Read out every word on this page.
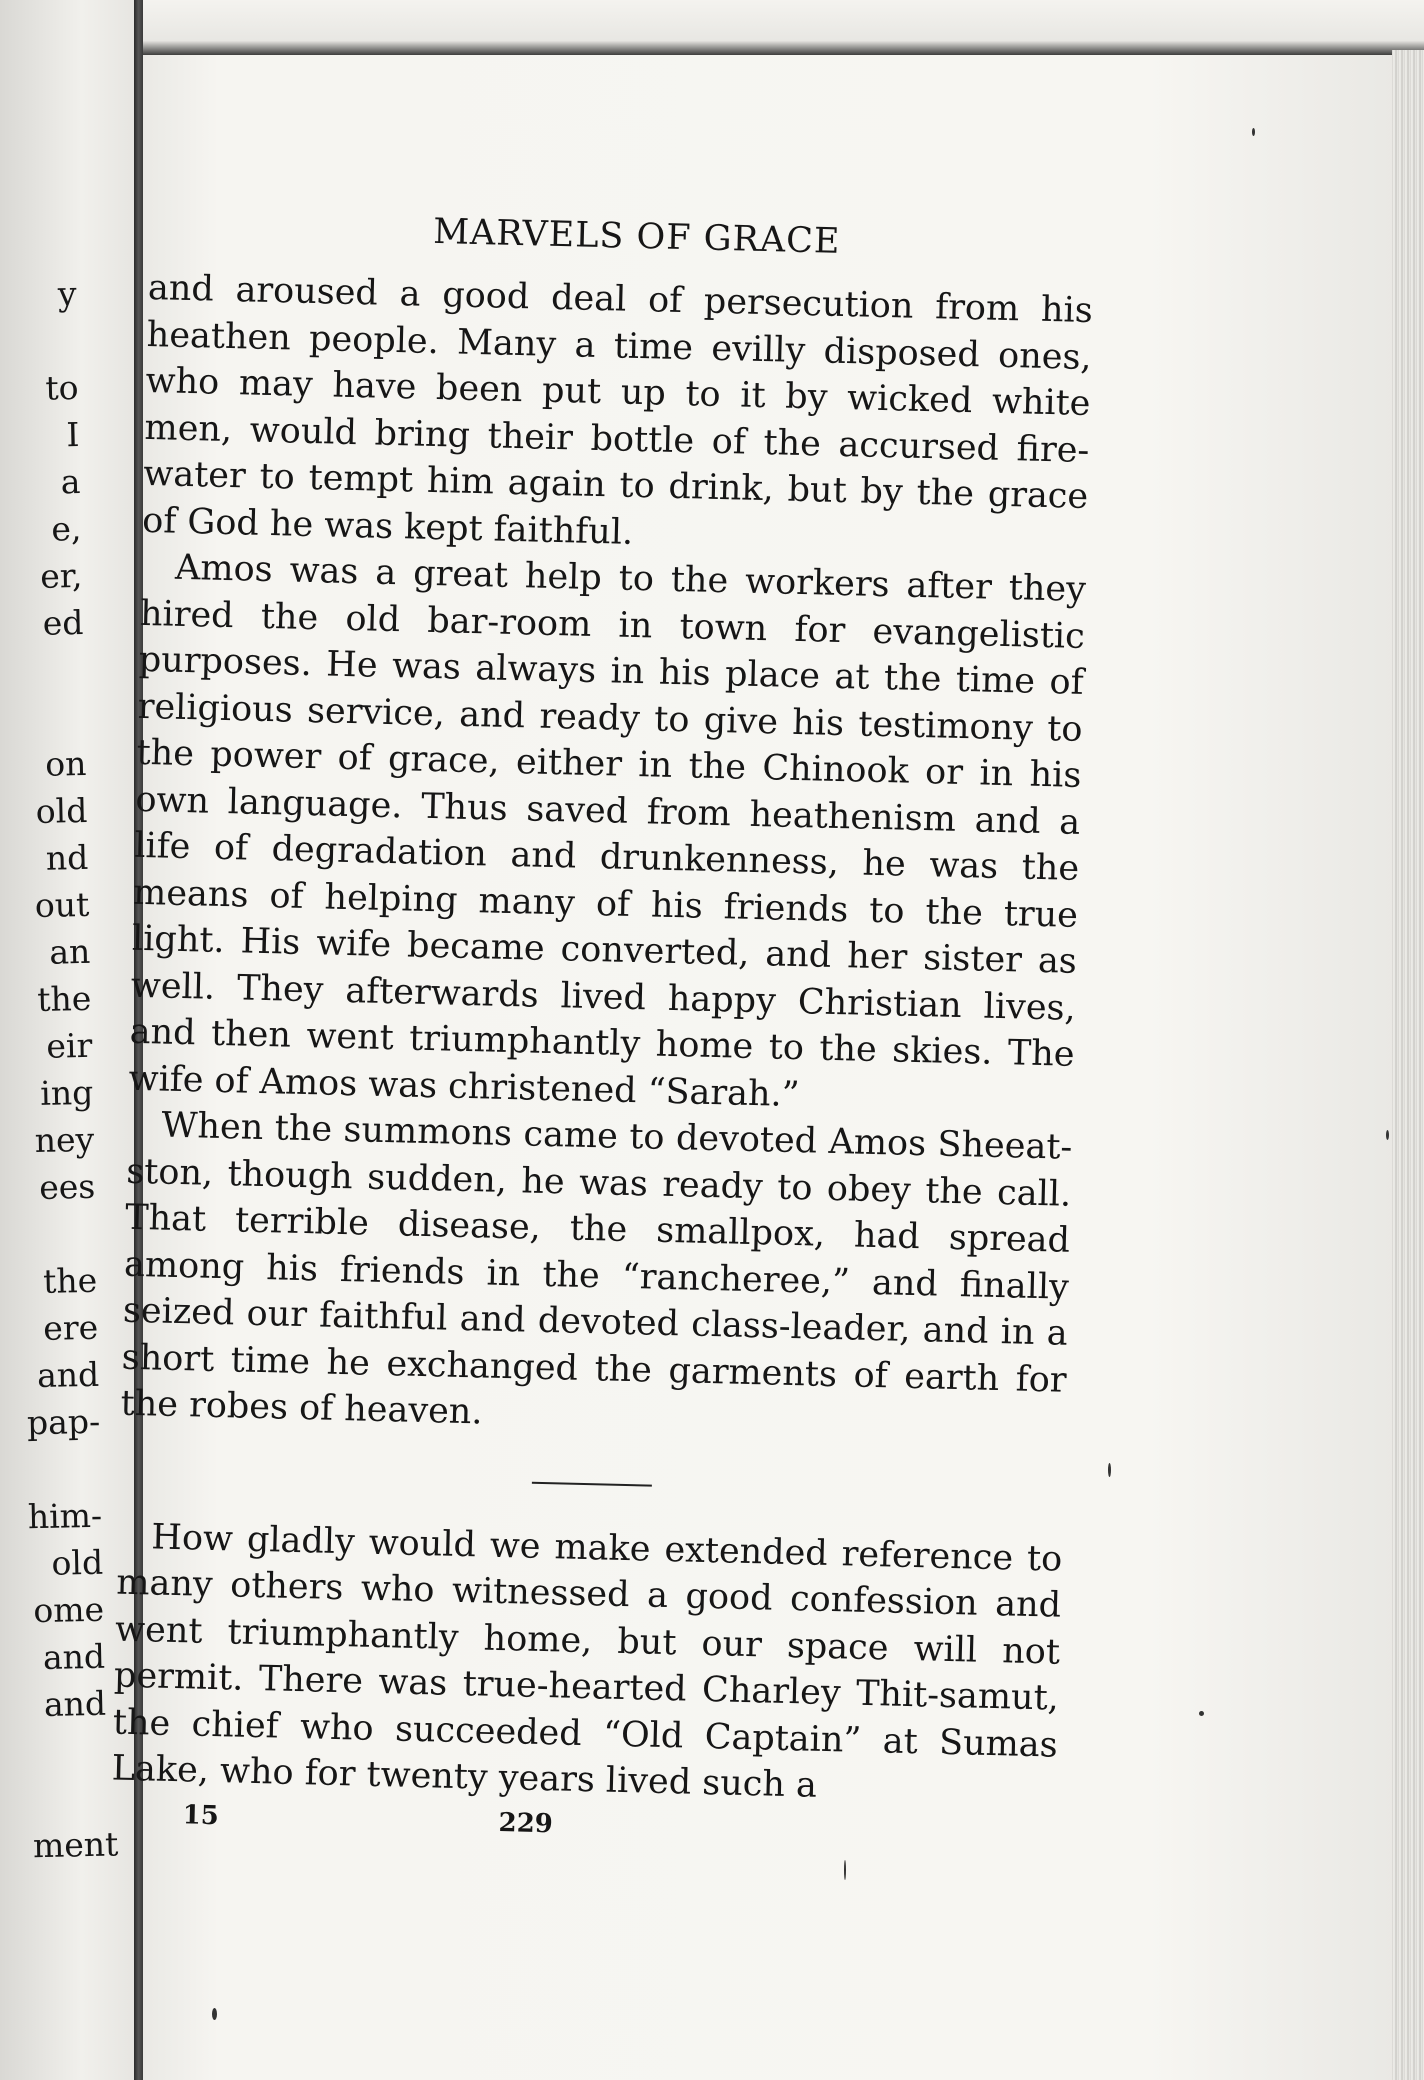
y
to
I
a
e,
er,
ed
on
old
nd
out
an
the
eir
ing
ney
ees
the
ere
and
pap-
him-
old
ome
and
and
ment
MARVELS OF GRACE

and aroused a good deal of persecution from his heathen people. Many a time evilly disposed ones, who may have been put up to it by wicked white men, would bring their bottle of the accursed fire-water to tempt him again to drink, but by the grace of God he was kept faithful.

Amos was a great help to the workers after they hired the old bar-room in town for evangelistic purposes. He was always in his place at the time of religious service, and ready to give his testimony to the power of grace, either in the Chinook or in his own language. Thus saved from heathenism and a life of degradation and drunkenness, he was the means of helping many of his friends to the true light. His wife became converted, and her sister as well. They afterwards lived happy Christian lives, and then went triumphantly home to the skies. The wife of Amos was christened “Sarah.”

When the summons came to devoted Amos Sheeat-ston, though sudden, he was ready to obey the call. That terrible disease, the smallpox, had spread among his friends in the “rancheree,” and finally seized our faithful and devoted class-leader, and in a short time he exchanged the garments of earth for the robes of heaven.

How gladly would we make extended reference to many others who witnessed a good confession and went triumphantly home, but our space will not permit. There was true-hearted Charley Thit-samut, the chief who succeeded “Old Captain” at Sumas Lake, who for twenty years lived such a

15	229
